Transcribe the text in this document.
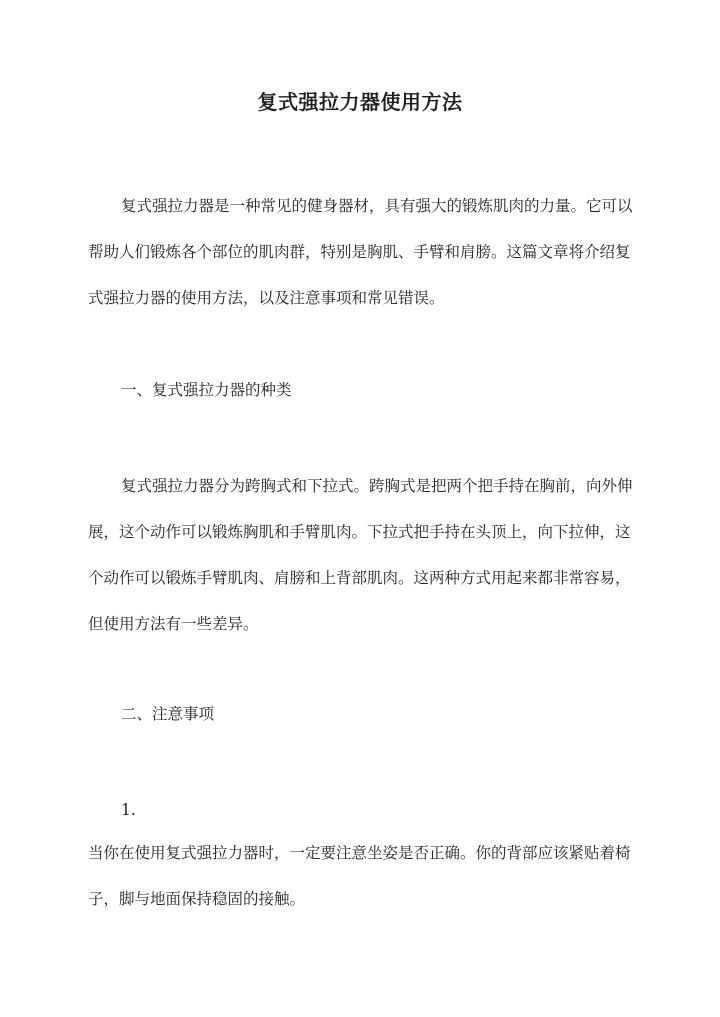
复式强拉力器使用方法

复式强拉力器是一种常见的健身器材，具有强大的锻炼肌肉的力量。它可以帮助人们锻炼各个部位的肌肉群，特别是胸肌、手臂和肩膀。这篇文章将介绍复式强拉力器的使用方法，以及注意事项和常见错误。

一、复式强拉力器的种类

复式强拉力器分为跨胸式和下拉式。跨胸式是把两个把手持在胸前，向外伸展，这个动作可以锻炼胸肌和手臂肌肉。下拉式把手持在头顶上，向下拉伸，这个动作可以锻炼手臂肌肉、肩膀和上背部肌肉。这两种方式用起来都非常容易，但使用方法有一些差异。

二、注意事项

1.

当你在使用复式强拉力器时，一定要注意坐姿是否正确。你的背部应该紧贴着椅子，脚与地面保持稳固的接触。
